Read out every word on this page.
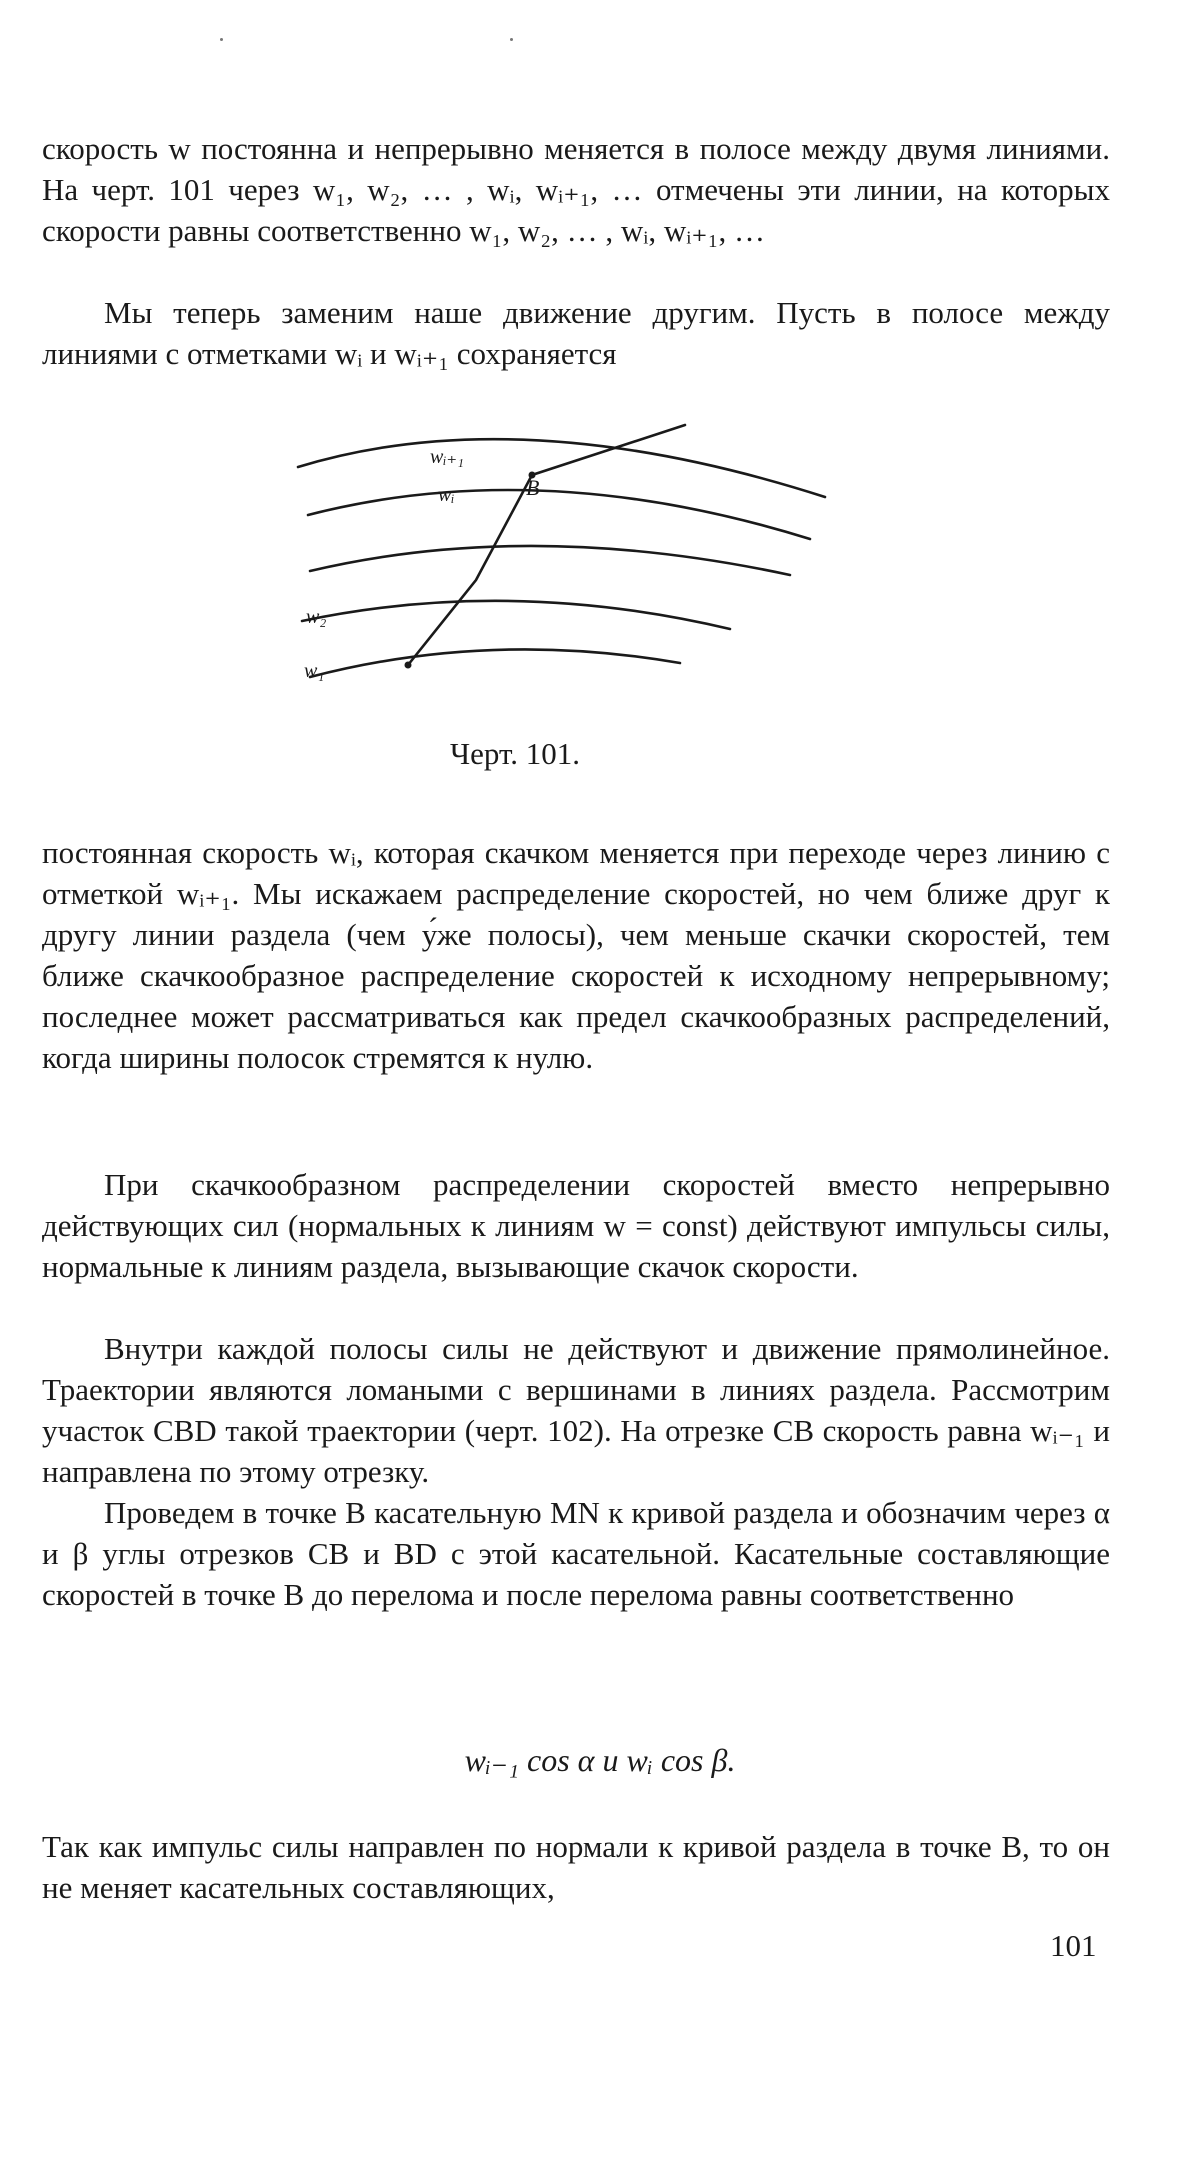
скорость w постоянна и непрерывно меняется в полосе между двумя линиями. На черт. 101 через w₁, w₂, … , wᵢ, wᵢ₊₁, … отмечены эти линии, на которых скорости равны соответственно w₁, w₂, … , wᵢ, wᵢ₊₁, …

Мы теперь заменим наше движение другим. Пусть в полосе между линиями с отметками wᵢ и wᵢ₊₁ сохраняется

wᵢ₊₁
wᵢ	B
w₂
w₁
Черт. 101.

постоянная скорость wᵢ, которая скачком меняется при переходе через линию с отметкой wᵢ₊₁. Мы искажаем распределение скоростей, но чем ближе друг к другу линии раздела (чем у́же полосы), чем меньше скачки скоростей, тем ближе скачкообразное распределение скоростей к исходному непрерывному; последнее может рассматриваться как предел скачкообразных распределений, когда ширины полосок стремятся к нулю.

При скачкообразном распределении скоростей вместо непрерывно действующих сил (нормальных к линиям w = const) действуют импульсы силы, нормальные к линиям раздела, вызывающие скачок скорости.

Внутри каждой полосы силы не действуют и движение прямолинейное. Траектории являются ломаными с вершинами в линиях раздела. Рассмотрим участок CBD такой траектории (черт. 102). На отрезке CB скорость равна wᵢ₋₁ и направлена по этому отрезку.

Проведем в точке B касательную MN к кривой раздела и обозначим через α и β углы отрезков CB и BD с этой касательной. Касательные составляющие скоростей в точке B до перелома и после перелома равны соответственно

wᵢ₋₁ cos α и wᵢ cos β.

Так как импульс силы направлен по нормали к кривой раздела в точке B, то он не меняет касательных составляющих,

101
